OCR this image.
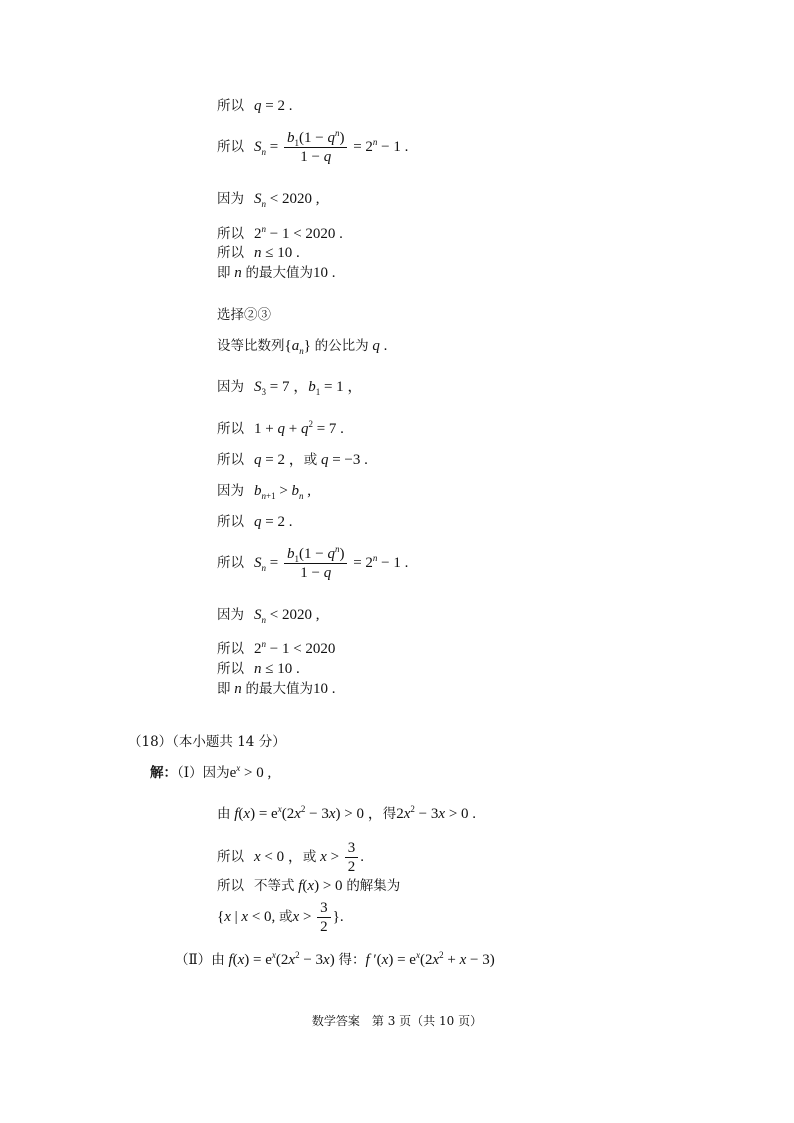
所以 q = 2 .
所以 $S_n = \frac{b_1(1 - q^n)}{1 - q} = 2^n - 1$ .
因为 $S_n < 2020$ ,
所以 $2^n - 1 < 2020$ .
所以 n ≤ 10 .
即 n 的最大值为10 .
选择②③
设等比数列$\{a_n\}$ 的公比为 q .
因为 $S_3 = 7$ ，$b_1 = 1$ ，
所以 $1 + q + q^2 = 7$ .
所以 q = 2 ，或 q = −3 .
因为 $b_{n+1} > b_n$ ,
所以 q = 2 .
所以 $S_n = \frac{b_1(1 - q^n)}{1 - q} = 2^n - 1$ .
因为 $S_n < 2020$ ,
所以 $2^n - 1 < 2020$
所以 n ≤ 10 .
即 n 的最大值为10 .
（18）（本小题共 14 分）
解：（Ⅰ）因为$e^x > 0$ ,
由 $f(x) = e^x(2x^2 - 3x) > 0$ ，得$2x^2 - 3x > 0$ .
所以 x < 0 ，或 $x > \frac{3}{2}$ .
所以 不等式 f(x) > 0 的解集为
{x | x < 0, 或$x > \frac{3}{2}$ }.
（Ⅱ）由 $f(x) = e^x(2x^2 - 3x)$ 得：f $'(x) = e^x(2x^2 + x - 3)$
数学答案　第 3 页（共 10 页）
